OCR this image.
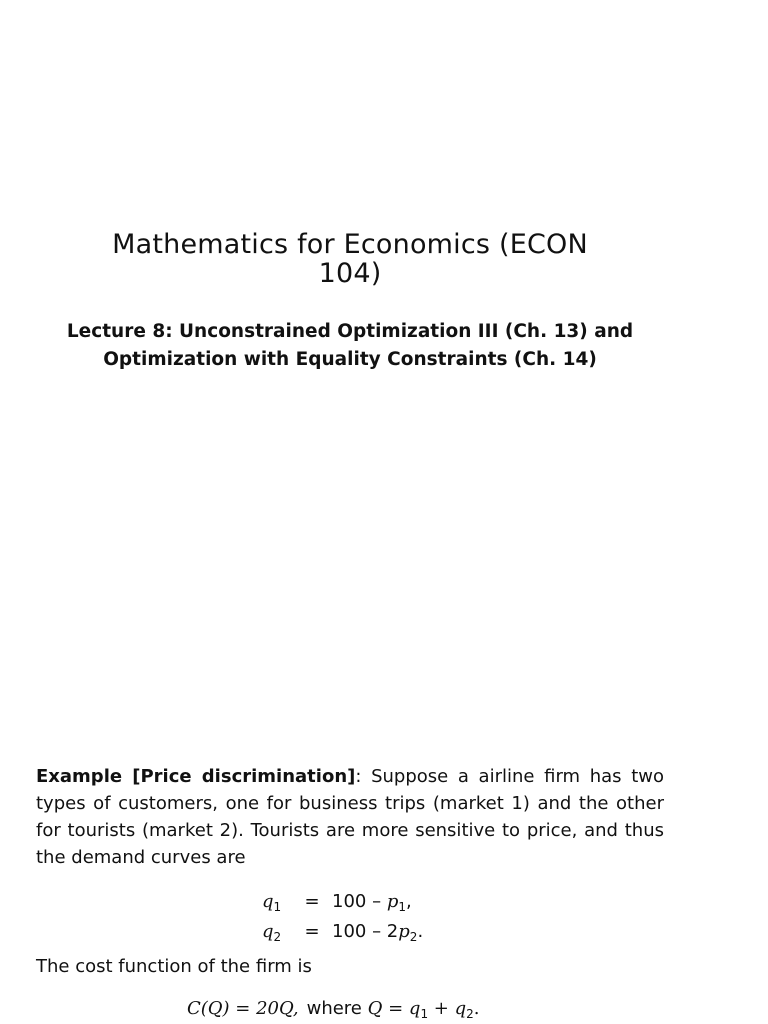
Mathematics for Economics (ECON
104)
Lecture 8: Unconstrained Optimization III (Ch. 13) and
Optimization with Equality Constraints (Ch. 14)

Example [Price discrimination]: Suppose a airline firm has two types of customers, one for business trips (market 1) and the other for tourists (market 2). Tourists are more sensitive to price, and thus the demand curves are

$q_1$	= $100 - p_1$,
$q_2$	= $100 - 2p_2$.

The cost function of the firm is

C(Q) = 20Q, where $Q = q_1 + q_2$.
